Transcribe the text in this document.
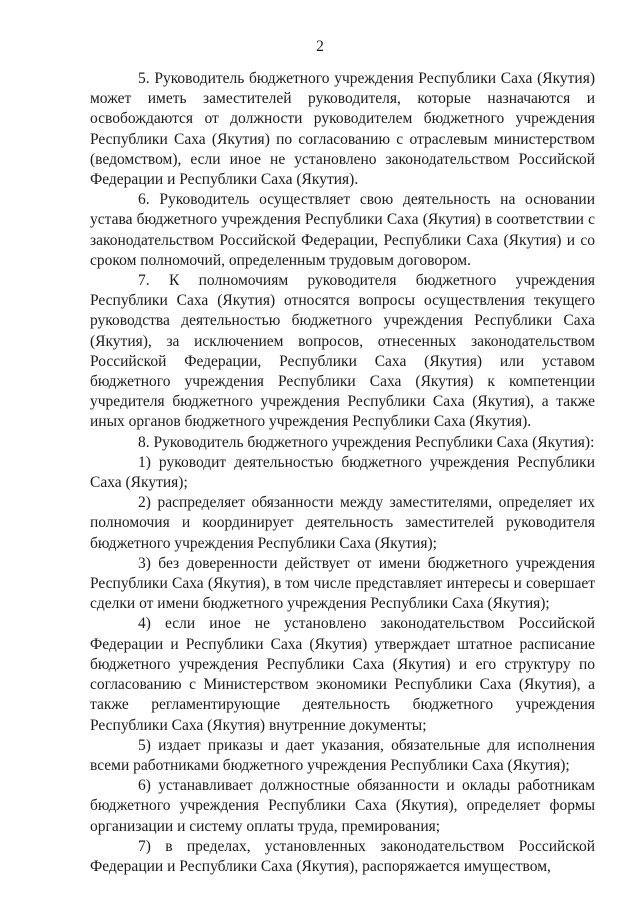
2

5. Руководитель бюджетного учреждения Республики Саха (Якутия) может иметь заместителей руководителя, которые назначаются и освобождаются от должности руководителем бюджетного учреждения Республики Саха (Якутия) по согласованию с отраслевым министерством (ведомством), если иное не установлено законодательством Российской Федерации и Республики Саха (Якутия).

6. Руководитель осуществляет свою деятельность на основании устава бюджетного учреждения Республики Саха (Якутия) в соответствии с законодательством Российской Федерации, Республики Саха (Якутия) и со сроком полномочий, определенным трудовым договором.

7. К полномочиям руководителя бюджетного учреждения Республики Саха (Якутия) относятся вопросы осуществления текущего руководства деятельностью бюджетного учреждения Республики Саха (Якутия), за исключением вопросов, отнесенных законодательством Российской Федерации, Республики Саха (Якутия) или уставом бюджетного учреждения Республики Саха (Якутия) к компетенции учредителя бюджетного учреждения Республики Саха (Якутия), а также иных органов бюджетного учреждения Республики Саха (Якутия).

8. Руководитель бюджетного учреждения Республики Саха (Якутия):

1) руководит деятельностью бюджетного учреждения Республики Саха (Якутия);

2) распределяет обязанности между заместителями, определяет их полномочия и координирует деятельность заместителей руководителя бюджетного учреждения Республики Саха (Якутия);

3) без доверенности действует от имени бюджетного учреждения Республики Саха (Якутия), в том числе представляет интересы и совершает сделки от имени бюджетного учреждения Республики Саха (Якутия);

4) если иное не установлено законодательством Российской Федерации и Республики Саха (Якутия) утверждает штатное расписание бюджетного учреждения Республики Саха (Якутия) и его структуру по согласованию с Министерством экономики Республики Саха (Якутия), а также регламентирующие деятельность бюджетного учреждения Республики Саха (Якутия) внутренние документы;

5) издает приказы и дает указания, обязательные для исполнения всеми работниками бюджетного учреждения Республики Саха (Якутия);

6) устанавливает должностные обязанности и оклады работникам бюджетного учреждения Республики Саха (Якутия), определяет формы организации и систему оплаты труда, премирования;

7) в пределах, установленных законодательством Российской Федерации и Республики Саха (Якутия), распоряжается имуществом,
